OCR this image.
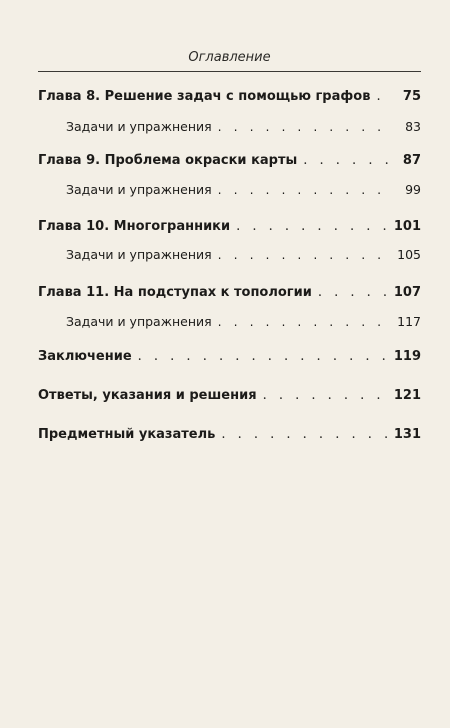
Оглавление
Глава 8. Решение задач с помощью графов . . .	75
Задачи и упражнения . . .	83
Глава 9. Проблема окраски карты . . .	87
Задачи и упражнения . . .	99
Глава 10. Многогранники . . .	101
Задачи и упражнения . . .	105
Глава 11. На подступах к топологии . . .	107
Задачи и упражнения . . .	117
Заключение . . .	119
Ответы, указания и решения . . .	121
Предметный указатель . . .	131
